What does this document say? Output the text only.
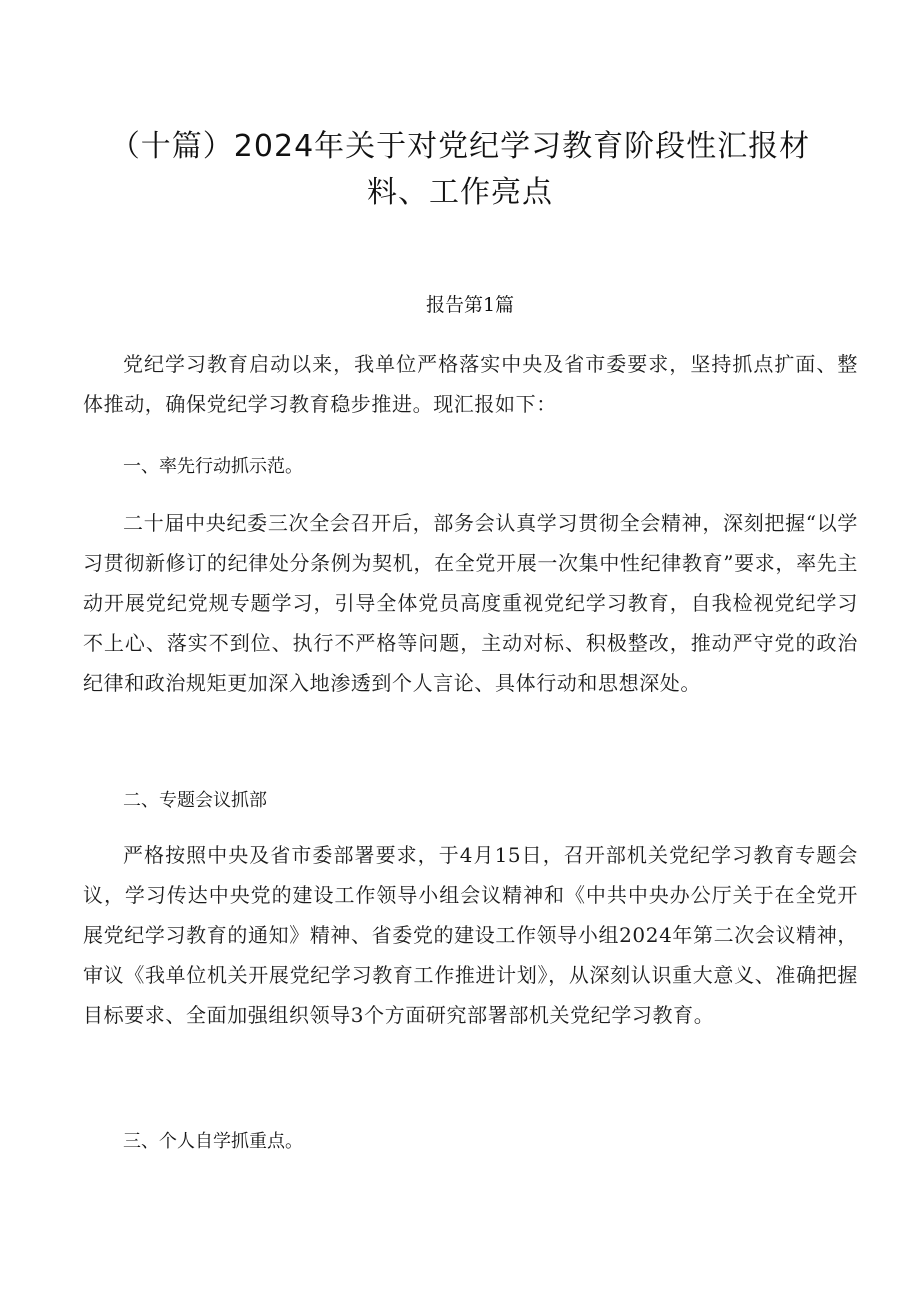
（十篇）2024年关于对党纪学习教育阶段性汇报材料、工作亮点
报告第1篇

党纪学习教育启动以来，我单位严格落实中央及省市委要求，坚持抓点扩面、整体推动，确保党纪学习教育稳步推进。现汇报如下：

一、率先行动抓示范。

二十届中央纪委三次全会召开后，部务会认真学习贯彻全会精神，深刻把握“以学习贯彻新修订的纪律处分条例为契机，在全党开展一次集中性纪律教育”要求，率先主动开展党纪党规专题学习，引导全体党员高度重视党纪学习教育，自我检视党纪学习不上心、落实不到位、执行不严格等问题，主动对标、积极整改，推动严守党的政治纪律和政治规矩更加深入地渗透到个人言论、具体行动和思想深处。

二、专题会议抓部

严格按照中央及省市委部署要求，于4月15日，召开部机关党纪学习教育专题会议，学习传达中央党的建设工作领导小组会议精神和《中共中央办公厅关于在全党开展党纪学习教育的通知》精神、省委党的建设工作领导小组2024年第二次会议精神，审议《我单位机关开展党纪学习教育工作推进计划》，从深刻认识重大意义、准确把握目标要求、全面加强组织领导3个方面研究部署部机关党纪学习教育。

三、个人自学抓重点。
